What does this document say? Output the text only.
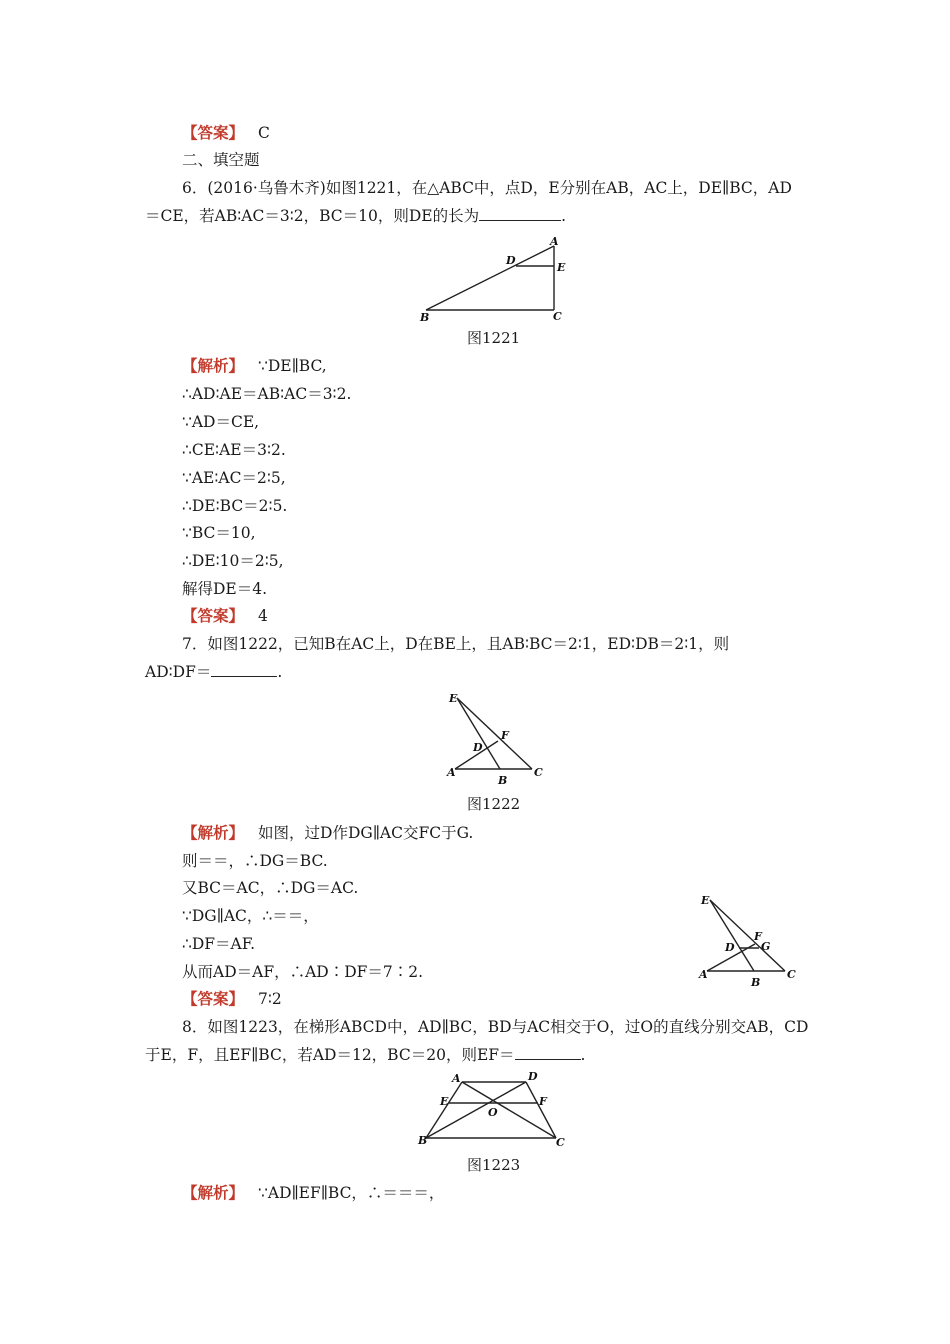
【答案】 C
二、填空题
6．(2016·乌鲁木齐)如图1221，在△ABC中，点D，E分别在AB，AC上，DE∥BC，AD
＝CE，若AB∶AC＝3∶2，BC＝10，则DE的长为	.
A
B	C
D
E
图1221
【解析】 ∵DE∥BC,
∴AD∶AE＝AB∶AC＝3∶2.
∵AD＝CE,
∴CE∶AE＝3∶2.
∵AE∶AC＝2∶5,
∴DE∶BC＝2∶5.
∵BC＝10,
∴DE∶10＝2∶5,
解得DE＝4.
【答案】 4
7．如图1222，已知B在AC上，D在BE上，且AB∶BC＝2∶1，ED∶DB＝2∶1，则
AD∶DF＝	.
E
A
B
C
D
F
图1222
【解析】 如图，过D作DG∥AC交FC于G.
则＝＝，∴DG＝BC.
又BC＝AC，∴DG＝AC.
∵DG∥AC，∴＝＝，
∴DF＝AF.
从而AD＝AF，∴AD∶DF＝7∶2.
【答案】 7∶2
E
A
B
C
D
F
G
8．如图1223，在梯形ABCD中，AD∥BC，BD与AC相交于O，过O的直线分别交AB，CD
于E，F，且EF∥BC，若AD＝12，BC＝20，则EF＝	.
A	D
E	F
O
B	C
图1223
【解析】 ∵AD∥EF∥BC，∴＝＝＝，
